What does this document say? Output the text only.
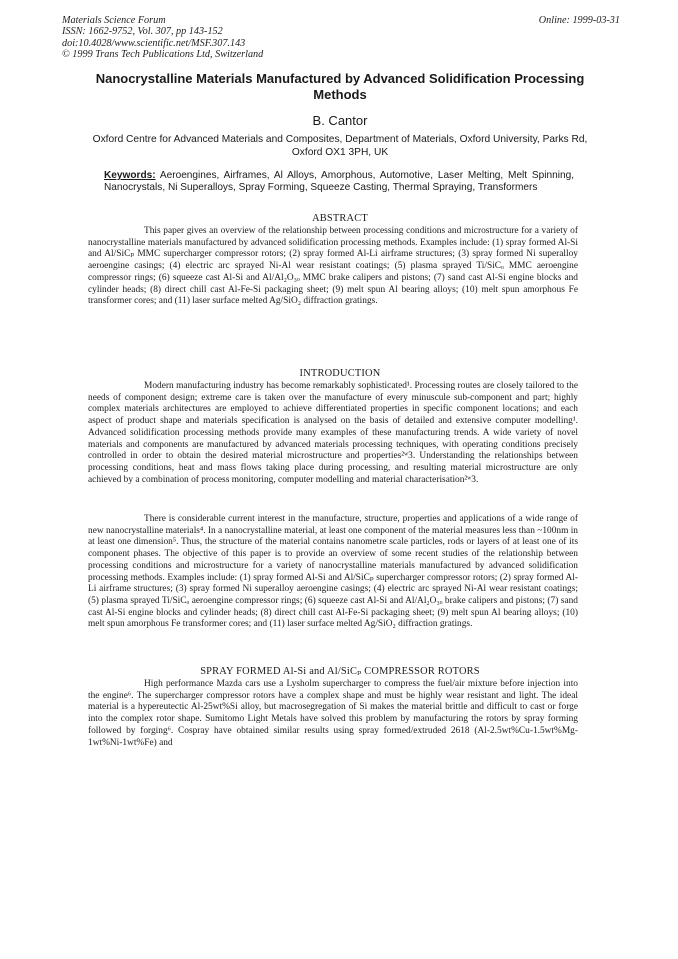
Materials Science Forum
ISSN: 1662-9752, Vol. 307, pp 143-152
doi:10.4028/www.scientific.net/MSF.307.143
© 1999 Trans Tech Publications Ltd, Switzerland
Online: 1999-03-31
Nanocrystalline Materials Manufactured by Advanced Solidification Processing Methods
B. Cantor
Oxford Centre for Advanced Materials and Composites, Department of Materials, Oxford University, Parks Rd, Oxford OX1 3PH, UK
Keywords: Aeroengines, Airframes, Al Alloys, Amorphous, Automotive, Laser Melting, Melt Spinning, Nanocrystals, Ni Superalloys, Spray Forming, Squeeze Casting, Thermal Spraying, Transformers
ABSTRACT
This paper gives an overview of the relationship between processing conditions and microstructure for a variety of nanocrystalline materials manufactured by advanced solidification processing methods. Examples include: (1) spray formed Al-Si and Al/SiCₚ MMC supercharger compressor rotors; (2) spray formed Al-Li airframe structures; (3) spray formed Ni superalloy aeroengine casings; (4) electric arc sprayed Ni-Al wear resistant coatings; (5) plasma sprayed Ti/SiCₒ MMC aeroengine compressor rings; (6) squeeze cast Al-Si and Al/Al₂O₃ₒ MMC brake calipers and pistons; (7) sand cast Al-Si engine blocks and cylinder heads; (8) direct chill cast Al-Fe-Si packaging sheet; (9) melt spun Al bearing alloys; (10) melt spun amorphous Fe transformer cores; and (11) laser surface melted Ag/SiO₂ diffraction gratings.
INTRODUCTION
Modern manufacturing industry has become remarkably sophisticated¹. Processing routes are closely tailored to the needs of component design; extreme care is taken over the manufacture of every minuscule sub-component and part; highly complex materials architectures are employed to achieve differentiated properties in specific component locations; and each aspect of product shape and materials specification is analysed on the basis of detailed and extensive computer modelling¹. Advanced solidification processing methods provide many examples of these manufacturing trends. A wide variety of novel materials and components are manufactured by advanced materials processing techniques, with operating conditions precisely controlled in order to obtain the desired material microstructure and properties²ʷ3. Understanding the relationships between processing conditions, heat and mass flows taking place during processing, and resulting material microstructure are only achieved by a combination of process monitoring, computer modelling and material characterisation²ʷ3.
There is considerable current interest in the manufacture, structure, properties and applications of a wide range of new nanocrystalline materials⁴. In a nanocrystalline material, at least one component of the material measures less than ~100nm in at least one dimension⁵. Thus, the structure of the material contains nanometre scale particles, rods or layers of at least one of its component phases. The objective of this paper is to provide an overview of some recent studies of the relationship between processing conditions and microstructure for a variety of nanocrystalline materials manufactured by advanced solidification processing methods. Examples include: (1) spray formed Al-Si and Al/SiCₚ supercharger compressor rotors; (2) spray formed Al-Li airframe structures; (3) spray formed Ni superalloy aeroengine casings; (4) electric arc sprayed Ni-Al wear resistant coatings; (5) plasma sprayed Ti/SiCₒ aeroengine compressor rings; (6) squeeze cast Al-Si and Al/Al₂O₃ₒ brake calipers and pistons; (7) sand cast Al-Si engine blocks and cylinder heads; (8) direct chill cast Al-Fe-Si packaging sheet; (9) melt spun Al bearing alloys; (10) melt spun amorphous Fe transformer cores; and (11) laser surface melted Ag/SiO₂ diffraction gratings.
SPRAY FORMED Al-Si and Al/SiCₚ COMPRESSOR ROTORS
High performance Mazda cars use a Lysholm supercharger to compress the fuel/air mixture before injection into the engine⁶. The supercharger compressor rotors have a complex shape and must be highly wear resistant and light. The ideal material is a hypereutectic Al-25wt%Si alloy, but macrosegregation of Si makes the material brittle and difficult to cast or forge into the complex rotor shape. Sumitomo Light Metals have solved this problem by manufacturing the rotors by spray forming followed by forging⁶. Cospray have obtained similar results using spray formed/extruded 2618 (Al-2.5wt%Cu-1.5wt%Mg-1wt%Ni-1wt%Fe) and
